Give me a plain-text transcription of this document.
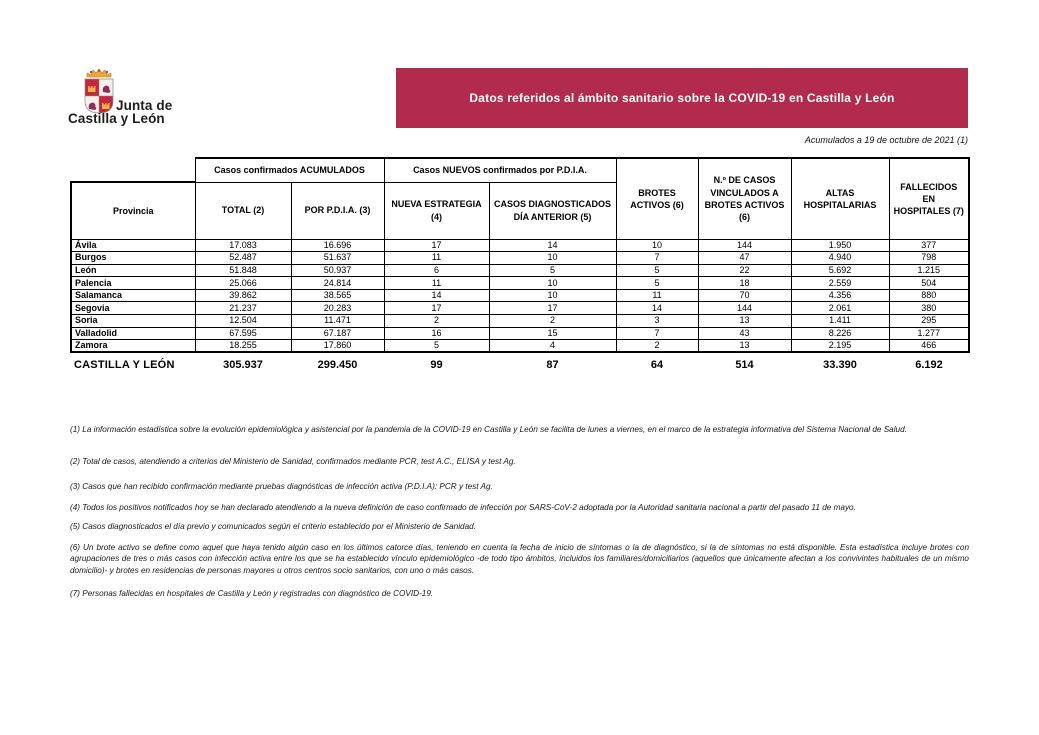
Junta de
Castilla y León
Datos referidos al ámbito sanitario sobre la COVID-19 en Castilla y León
Acumulados a 19 de octubre de 2021 (1)
	Casos confirmados ACUMULADOS		Casos NUEVOS confirmados por P.D.I.A.		BROTES ACTIVOS (6)	N.º DE CASOS VINCULADOS A BROTES ACTIVOS (6)	ALTAS HOSPITALARIAS	FALLECIDOS EN HOSPITALES (7)
Provincia	TOTAL (2)	POR P.D.I.A. (3)	NUEVA ESTRATEGIA (4)	CASOS DIAGNOSTICADOS DÍA ANTERIOR (5)				
Ávila	17.083	16.696	17	14	10	144	1.950	377
Burgos	52.487	51.637	11	10	7	47	4.940	798
León	51.848	50.937	6	5	5	22	5.692	1.215
Palencia	25.066	24.814	11	10	5	18	2.559	504
Salamanca	39.862	38.565	14	10	11	70	4.356	880
Segovia	21.237	20.283	17	17	14	144	2.061	380
Soria	12.504	11.471	2	2	3	13	1.411	295
Valladolid	67.595	67.187	16	15	7	43	8.226	1.277
Zamora	18.255	17.860	5	4	2	13	2.195	466
CASTILLA Y LEÓN	305.937	299.450	99	87	64	514	33.390	6.192

(1) La información estadística sobre la evolución epidemiológica y asistencial por la pandemia de la COVID-19 en Castilla y León se facilita de lunes a viernes, en el marco de la estrategia informativa del Sistema Nacional de Salud.

(2) Total de casos, atendiendo a criterios del Ministerio de Sanidad, confirmados mediante PCR, test A.C., ELISA y test Ag.

(3) Casos que han recibido confirmación mediante pruebas diagnósticas de infección activa (P.D.I.A): PCR y test Ag.

(4) Todos los positivos notificados hoy se han declarado atendiendo a la nueva definición de caso confirmado de infección por SARS-CoV-2 adoptada por la Autoridad sanitaria nacional a partir del pasado 11 de mayo.

(5) Casos diagnosticados el día previo y comunicados según el criterio establecido por el Ministerio de Sanidad.

(6) Un brote activo se define como aquel que haya tenido algún caso en los últimos catorce días, teniendo en cuenta la fecha de inicio de síntomas o la de diagnóstico, si la de síntomas no está disponible. Esta estadística incluye brotes con agrupaciones de tres o más casos con infección activa entre los que se ha establecido vínculo epidemiológico -de todo tipo ámbitos, incluidos los familiares/domiciliarios (aquellos que únicamente afectan a los convivintes habituales de un mismo domicilio)- y brotes en residencias de personas mayores u otros centros socio sanitarios, con uno o más casos.

(7) Personas fallecidas en hospitales de Castilla y León y registradas con diagnóstico de COVID-19.
